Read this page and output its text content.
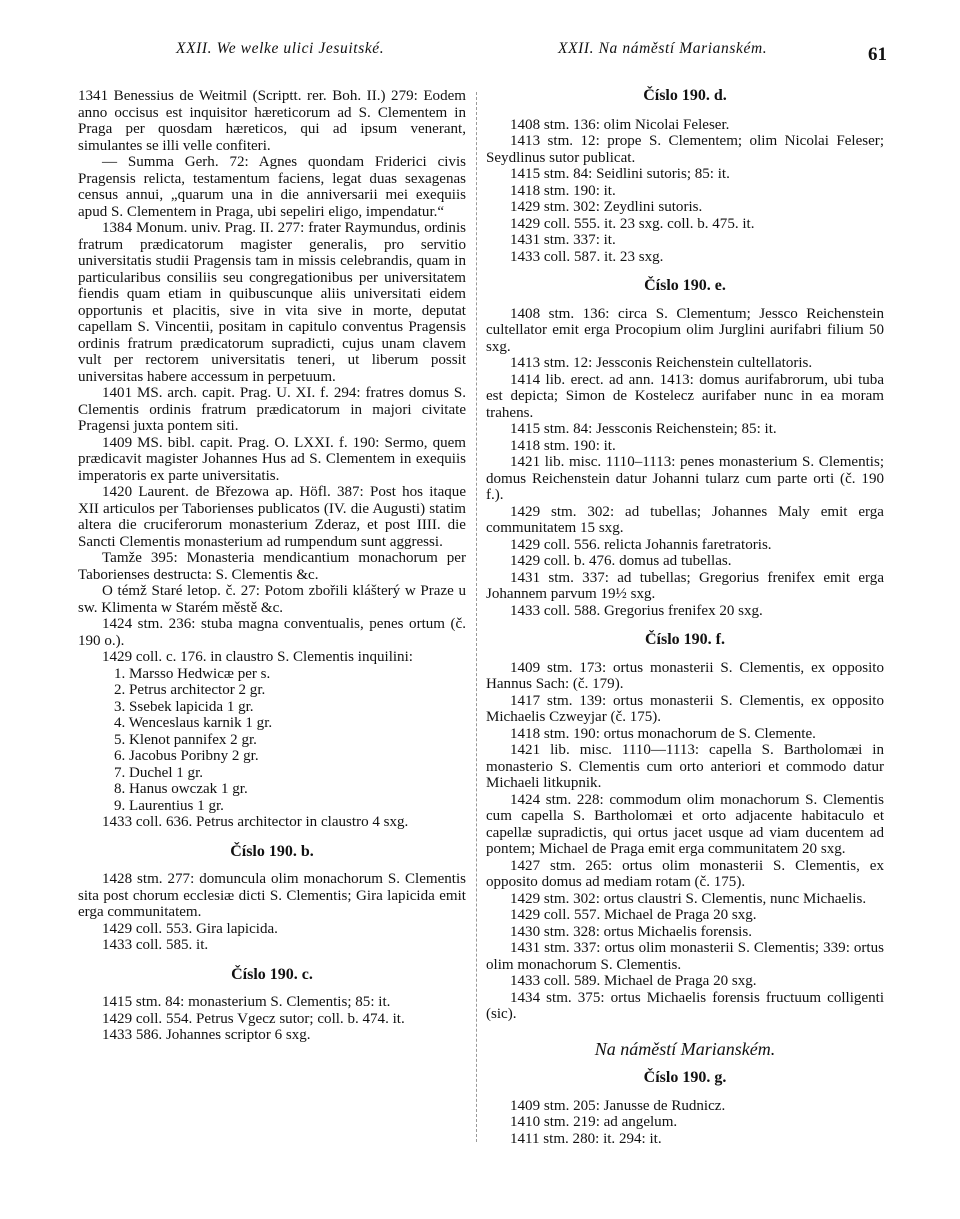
XXII. We welke ulici Jesuitské.	XXII. Na náměstí Marianském.	61

1341 Benessius de Weitmil (Scriptt. rer. Boh. II.) 279: Eodem anno occisus est inquisitor hæreticorum ad S. Clementem in Praga per quosdam hæreticos, qui ad ipsum venerant, simulantes se illi velle confiteri.

— Summa Gerh. 72: Agnes quondam Friderici civis Pragensis relicta, testamentum faciens, legat duas sexagenas census annui, „quarum una in die anniversarii mei exequiis apud S. Clementem in Praga, ubi sepeliri eligo, impendatur.“

1384 Monum. univ. Prag. II. 277: frater Raymundus, ordinis fratrum prædicatorum magister generalis, pro servitio universitatis studii Pragensis tam in missis celebrandis, quam in particularibus consiliis seu congregationibus per universitatem fiendis quam etiam in quibuscunque aliis universitati eidem opportunis et placitis, sive in vita sive in morte, deputat capellam S. Vincentii, positam in capitulo conventus Pragensis ordinis fratrum prædicatorum supradicti, cujus unam clavem vult per rectorem universitatis teneri, ut liberum possit universitas habere accessum in perpetuum.

1401 MS. arch. capit. Prag. U. XI. f. 294: fratres domus S. Clementis ordinis fratrum prædicatorum in majori civitate Pragensi juxta pontem siti.

1409 MS. bibl. capit. Prag. O. LXXI. f. 190: Sermo, quem prædicavit magister Johannes Hus ad S. Clementem in exequiis imperatoris ex parte universitatis.

1420 Laurent. de Březowa ap. Höfl. 387: Post hos itaque XII articulos per Taborienses publicatos (IV. die Augusti) statim altera die cruciferorum monasterium Zderaz, et post IIII. die Sancti Clementis monasterium ad rumpendum sunt aggressi.

Tamže 395: Monasteria mendicantium monachorum per Taborienses destructa: S. Clementis &c.

O témž Staré letop. č. 27: Potom zbořili klášterý w Praze u sw. Klimenta w Starém městě &c.

1424 stm. 236: stuba magna conventualis, penes ortum (č. 190 o.).

1429 coll. c. 176. in claustro S. Clementis inquilini:

1. Marsso Hedwicæ per s.

2. Petrus architector 2 gr.

3. Ssebek lapicida 1 gr.

4. Wenceslaus karnik 1 gr.

5. Klenot pannifex 2 gr.

6. Jacobus Poribny 2 gr.

7. Duchel 1 gr.

8. Hanus owczak 1 gr.

9. Laurentius 1 gr.

1433 coll. 636. Petrus architector in claustro 4 sxg.

Číslo 190. b.

1428 stm. 277: domuncula olim monachorum S. Clementis sita post chorum ecclesiæ dicti S. Clementis; Gira lapicida emit erga communitatem.

1429 coll. 553. Gira lapicida.

1433 coll. 585. it.

Číslo 190. c.

1415 stm. 84: monasterium S. Clementis; 85: it.

1429 coll. 554. Petrus Vgecz sutor; coll. b. 474. it.

1433 586. Johannes scriptor 6 sxg.

Číslo 190. d.

1408 stm. 136: olim Nicolai Feleser.

1413 stm. 12: prope S. Clementem; olim Nicolai Feleser; Seydlinus sutor publicat.

1415 stm. 84: Seidlini sutoris; 85: it.

1418 stm. 190: it.

1429 stm. 302: Zeydlini sutoris.

1429 coll. 555. it. 23 sxg. coll. b. 475. it.

1431 stm. 337: it.

1433 coll. 587. it. 23 sxg.

Číslo 190. e.

1408 stm. 136: circa S. Clementum; Jessco Reichenstein cultellator emit erga Procopium olim Jurglini aurifabri filium 50 sxg.

1413 stm. 12: Jessconis Reichenstein cultellatoris.

1414 lib. erect. ad ann. 1413: domus aurifabrorum, ubi tuba est depicta; Simon de Kostelecz aurifaber nunc in ea moram trahens.

1415 stm. 84: Jessconis Reichenstein; 85: it.

1418 stm. 190: it.

1421 lib. misc. 1110–1113: penes monasterium S. Clementis; domus Reichenstein datur Johanni tularz cum parte orti (č. 190 f.).

1429 stm. 302: ad tubellas; Johannes Maly emit erga communitatem 15 sxg.

1429 coll. 556. relicta Johannis faretratoris.

1429 coll. b. 476. domus ad tubellas.

1431 stm. 337: ad tubellas; Gregorius frenifex emit erga Johannem parvum 19½ sxg.

1433 coll. 588. Gregorius frenifex 20 sxg.

Číslo 190. f.

1409 stm. 173: ortus monasterii S. Clementis, ex opposito Hannus Sach: (č. 179).

1417 stm. 139: ortus monasterii S. Clementis, ex opposito Michaelis Czweyjar (č. 175).

1418 stm. 190: ortus monachorum de S. Clemente.

1421 lib. misc. 1110—1113: capella S. Bartholomæi in monasterio S. Clementis cum orto anteriori et commodo datur Michaeli litkupnik.

1424 stm. 228: commodum olim monachorum S. Clementis cum capella S. Bartholomæi et orto adjacente habitaculo et capellæ supradictis, qui ortus jacet usque ad viam ducentem ad pontem; Michael de Praga emit erga communitatem 20 sxg.

1427 stm. 265: ortus olim monasterii S. Clementis, ex opposito domus ad mediam rotam (č. 175).

1429 stm. 302: ortus claustri S. Clementis, nunc Michaelis.

1429 coll. 557. Michael de Praga 20 sxg.

1430 stm. 328: ortus Michaelis forensis.

1431 stm. 337: ortus olim monasterii S. Clementis; 339: ortus olim monachorum S. Clementis.

1433 coll. 589. Michael de Praga 20 sxg.

1434 stm. 375: ortus Michaelis forensis fructuum colligenti (sic).

Na náměstí Marianském.
Číslo 190. g.

1409 stm. 205: Janusse de Rudnicz.

1410 stm. 219: ad angelum.

1411 stm. 280: it. 294: it.
